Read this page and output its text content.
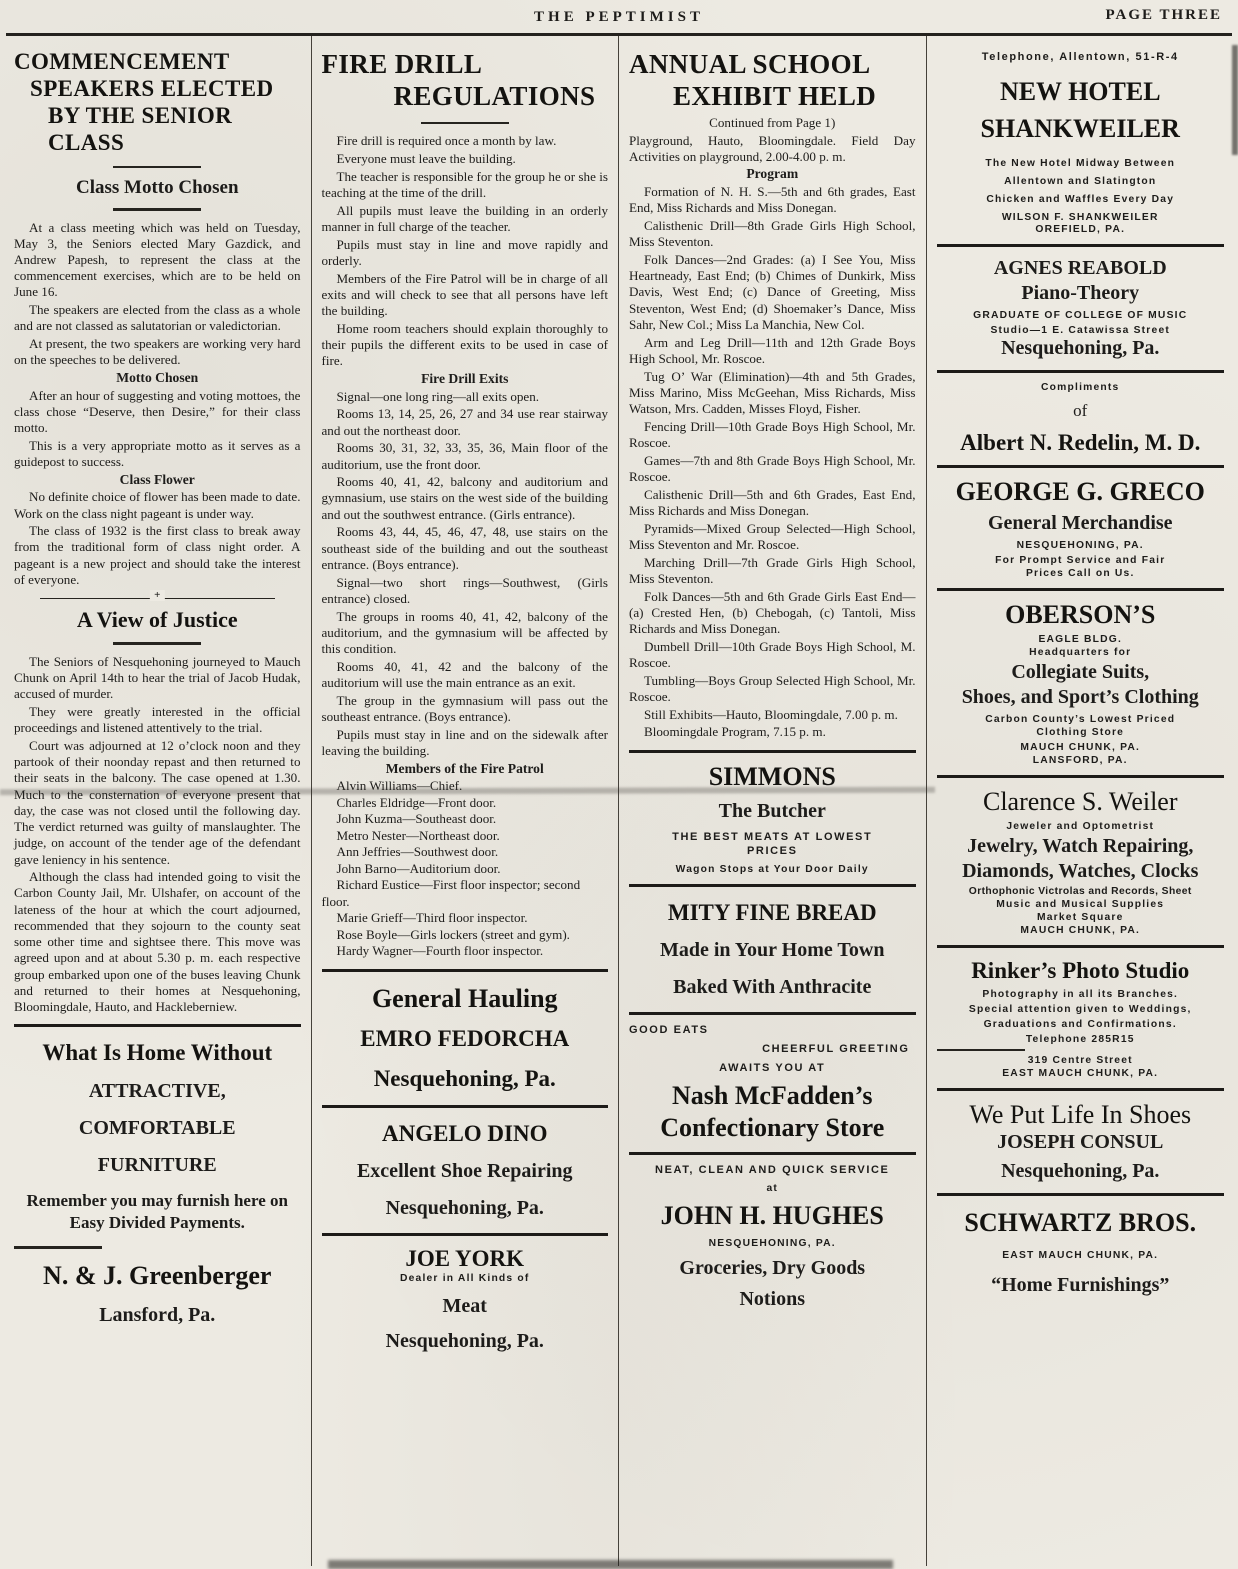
THE PEPTIMIST	PAGE THREE
COMMENCEMENT
SPEAKERS ELECTED
BY THE SENIOR CLASS
Class Motto Chosen

At a class meeting which was held on Tuesday, May 3, the Seniors elected Mary Gazdick, and Andrew Papesh, to represent the class at the commencement exercises, which are to be held on June 16.

The speakers are elected from the class as a whole and are not classed as salutatorian or valedictorian.

At present, the two speakers are working very hard on the speeches to be delivered.

Motto Chosen

After an hour of suggesting and voting mottoes, the class chose “Deserve, then Desire,” for their class motto.

This is a very appropriate motto as it serves as a guidepost to success.

Class Flower

No definite choice of flower has been made to date. Work on the class night pageant is under way.

The class of 1932 is the first class to break away from the traditional form of class night order. A pageant is a new project and should take the interest of everyone.

+
A View of Justice

The Seniors of Nesquehoning journeyed to Mauch Chunk on April 14th to hear the trial of Jacob Hudak, accused of murder.

They were greatly interested in the official proceedings and listened attentively to the trial.

Court was adjourned at 12 o’clock noon and they partook of their noonday repast and then returned to their seats in the balcony. The case opened at 1.30. Much to the consternation of everyone present that day, the case was not closed until the following day. The verdict returned was guilty of manslaughter. The judge, on account of the tender age of the defendant gave leniency in his sentence.

Although the class had intended going to visit the Carbon County Jail, Mr. Ulshafer, on account of the lateness of the hour at which the court adjourned, recommended that they sojourn to the county seat some other time and sightsee there. This move was agreed upon and at about 5.30 p. m. each respective group embarked upon one of the buses leaving Chunk and returned to their homes at Nesquehoning, Bloomingdale, Hauto, and Hackleberniew.

What Is Home Without
ATTRACTIVE,
COMFORTABLE
FURNITURE
Remember you may furnish here on Easy Divided Payments.
N. & J. Greenberger
Lansford, Pa.
FIRE DRILL
REGULATIONS

Fire drill is required once a month by law.

Everyone must leave the building.

The teacher is responsible for the group he or she is teaching at the time of the drill.

All pupils must leave the building in an orderly manner in full charge of the teacher.

Pupils must stay in line and move rapidly and orderly.

Members of the Fire Patrol will be in charge of all exits and will check to see that all persons have left the building.

Home room teachers should explain thoroughly to their pupils the different exits to be used in case of fire.

Fire Drill Exits

Signal—one long ring—all exits open.

Rooms 13, 14, 25, 26, 27 and 34 use rear stairway and out the northeast door.

Rooms 30, 31, 32, 33, 35, 36, Main floor of the auditorium, use the front door.

Rooms 40, 41, 42, balcony and auditorium and gymnasium, use stairs on the west side of the building and out the southwest entrance. (Girls entrance).

Rooms 43, 44, 45, 46, 47, 48, use stairs on the southeast side of the building and out the southeast entrance. (Boys entrance).

Signal—two short rings—Southwest, (Girls entrance) closed.

The groups in rooms 40, 41, 42, balcony of the auditorium, and the gymnasium will be affected by this condition.

Rooms 40, 41, 42 and the balcony of the auditorium will use the main entrance as an exit.

The group in the gymnasium will pass out the southeast entrance. (Boys entrance).

Pupils must stay in line and on the sidewalk after leaving the building.

Members of the Fire Patrol

Alvin Williams—Chief.

Charles Eldridge—Front door.

John Kuzma—Southeast door.

Metro Nester—Northeast door.

Ann Jeffries—Southwest door.

John Barno—Auditorium door.

Richard Eustice—First floor inspector; second floor.

Marie Grieff—Third floor inspector.

Rose Boyle—Girls lockers (street and gym).

Hardy Wagner—Fourth floor inspector.

General Hauling
EMRO FEDORCHA
Nesquehoning, Pa.
ANGELO DINO
Excellent Shoe Repairing
Nesquehoning, Pa.
JOE YORK
Dealer in All Kinds of
Meat
Nesquehoning, Pa.
ANNUAL SCHOOL
EXHIBIT HELD

Continued from Page 1)

Playground, Hauto, Bloomingdale. Field Day Activities on playground, 2.00-4.00 p. m.

Program

Formation of N. H. S.—5th and 6th grades, East End, Miss Richards and Miss Donegan.

Calisthenic Drill—8th Grade Girls High School, Miss Steventon.

Folk Dances—2nd Grades: (a) I See You, Miss Heartneady, East End; (b) Chimes of Dunkirk, Miss Davis, West End; (c) Dance of Greeting, Miss Steventon, West End; (d) Shoemaker’s Dance, Miss Sahr, New Col.; Miss La Manchia, New Col.

Arm and Leg Drill—11th and 12th Grade Boys High School, Mr. Roscoe.

Tug O’ War (Elimination)—4th and 5th Grades, Miss Marino, Miss McGeehan, Miss Richards, Miss Watson, Mrs. Cadden, Misses Floyd, Fisher.

Fencing Drill—10th Grade Boys High School, Mr. Roscoe.

Games—7th and 8th Grade Boys High School, Mr. Roscoe.

Calisthenic Drill—5th and 6th Grades, East End, Miss Richards and Miss Donegan.

Pyramids—Mixed Group Selected—High School, Miss Steventon and Mr. Roscoe.

Marching Drill—7th Grade Girls High School, Miss Steventon.

Folk Dances—5th and 6th Grade Girls East End—(a) Crested Hen, (b) Chebogah, (c) Tantoli, Miss Richards and Miss Donegan.

Dumbell Drill—10th Grade Boys High School, M. Roscoe.

Tumbling—Boys Group Selected High School, Mr. Roscoe.

Still Exhibits—Hauto, Bloomingdale, 7.00 p. m.

Bloomingdale Program, 7.15 p. m.

SIMMONS
The Butcher
THE BEST MEATS AT LOWEST
PRICES
Wagon Stops at Your Door Daily
MITY FINE BREAD
Made in Your Home Town
Baked With Anthracite
GOOD EATS
CHEERFUL GREETING
AWAITS YOU AT
Nash McFadden’s
Confectionary Store
NEAT, CLEAN AND QUICK SERVICE
at
JOHN H. HUGHES
NESQUEHONING, PA.
Groceries, Dry Goods
Notions
Telephone, Allentown, 51-R-4
NEW HOTEL
SHANKWEILER
The New Hotel Midway Between
Allentown and Slatington
Chicken and Waffles Every Day
WILSON F. SHANKWEILER
OREFIELD, PA.
AGNES REABOLD
Piano-Theory
GRADUATE OF COLLEGE OF MUSIC
Studio—1 E. Catawissa Street
Nesquehoning, Pa.
Compliments
of
Albert N. Redelin, M. D.
GEORGE G. GRECO
General Merchandise
NESQUEHONING, PA.
For Prompt Service and Fair
Prices Call on Us.
OBERSON’S
EAGLE BLDG.
Headquarters for
Collegiate Suits,
Shoes, and Sport’s Clothing
Carbon County’s Lowest Priced
Clothing Store
MAUCH CHUNK, PA.
LANSFORD, PA.
Clarence S. Weiler
Jeweler and Optometrist
Jewelry, Watch Repairing,
Diamonds, Watches, Clocks
Orthophonic Victrolas and Records, Sheet
Music and Musical Supplies
Market Square
MAUCH CHUNK, PA.
Rinker’s Photo Studio
Photography in all its Branches.
Special attention given to Weddings,
Graduations and Confirmations.
Telephone 285R15
319 Centre Street
EAST MAUCH CHUNK, PA.
We Put Life In Shoes
JOSEPH CONSUL
Nesquehoning, Pa.
SCHWARTZ BROS.
EAST MAUCH CHUNK, PA.
“Home Furnishings”
